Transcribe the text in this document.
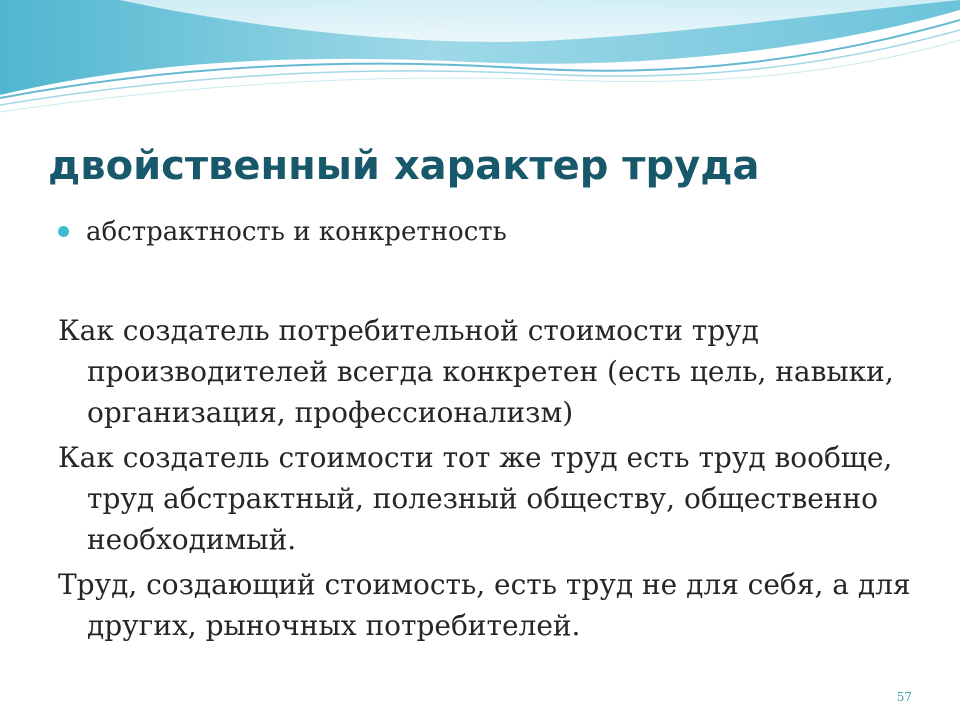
двойственный характер труда
абстрактность и конкретность

Как создатель потребительной стоимости труд производителей всегда конкретен (есть цель, навыки, организация, профессионализм)

Как создатель стоимости тот же труд есть труд вообще, труд абстрактный, полезный обществу, общественно необходимый.

Труд, создающий стоимость, есть труд не для себя, а для других, рыночных потребителей.

57
